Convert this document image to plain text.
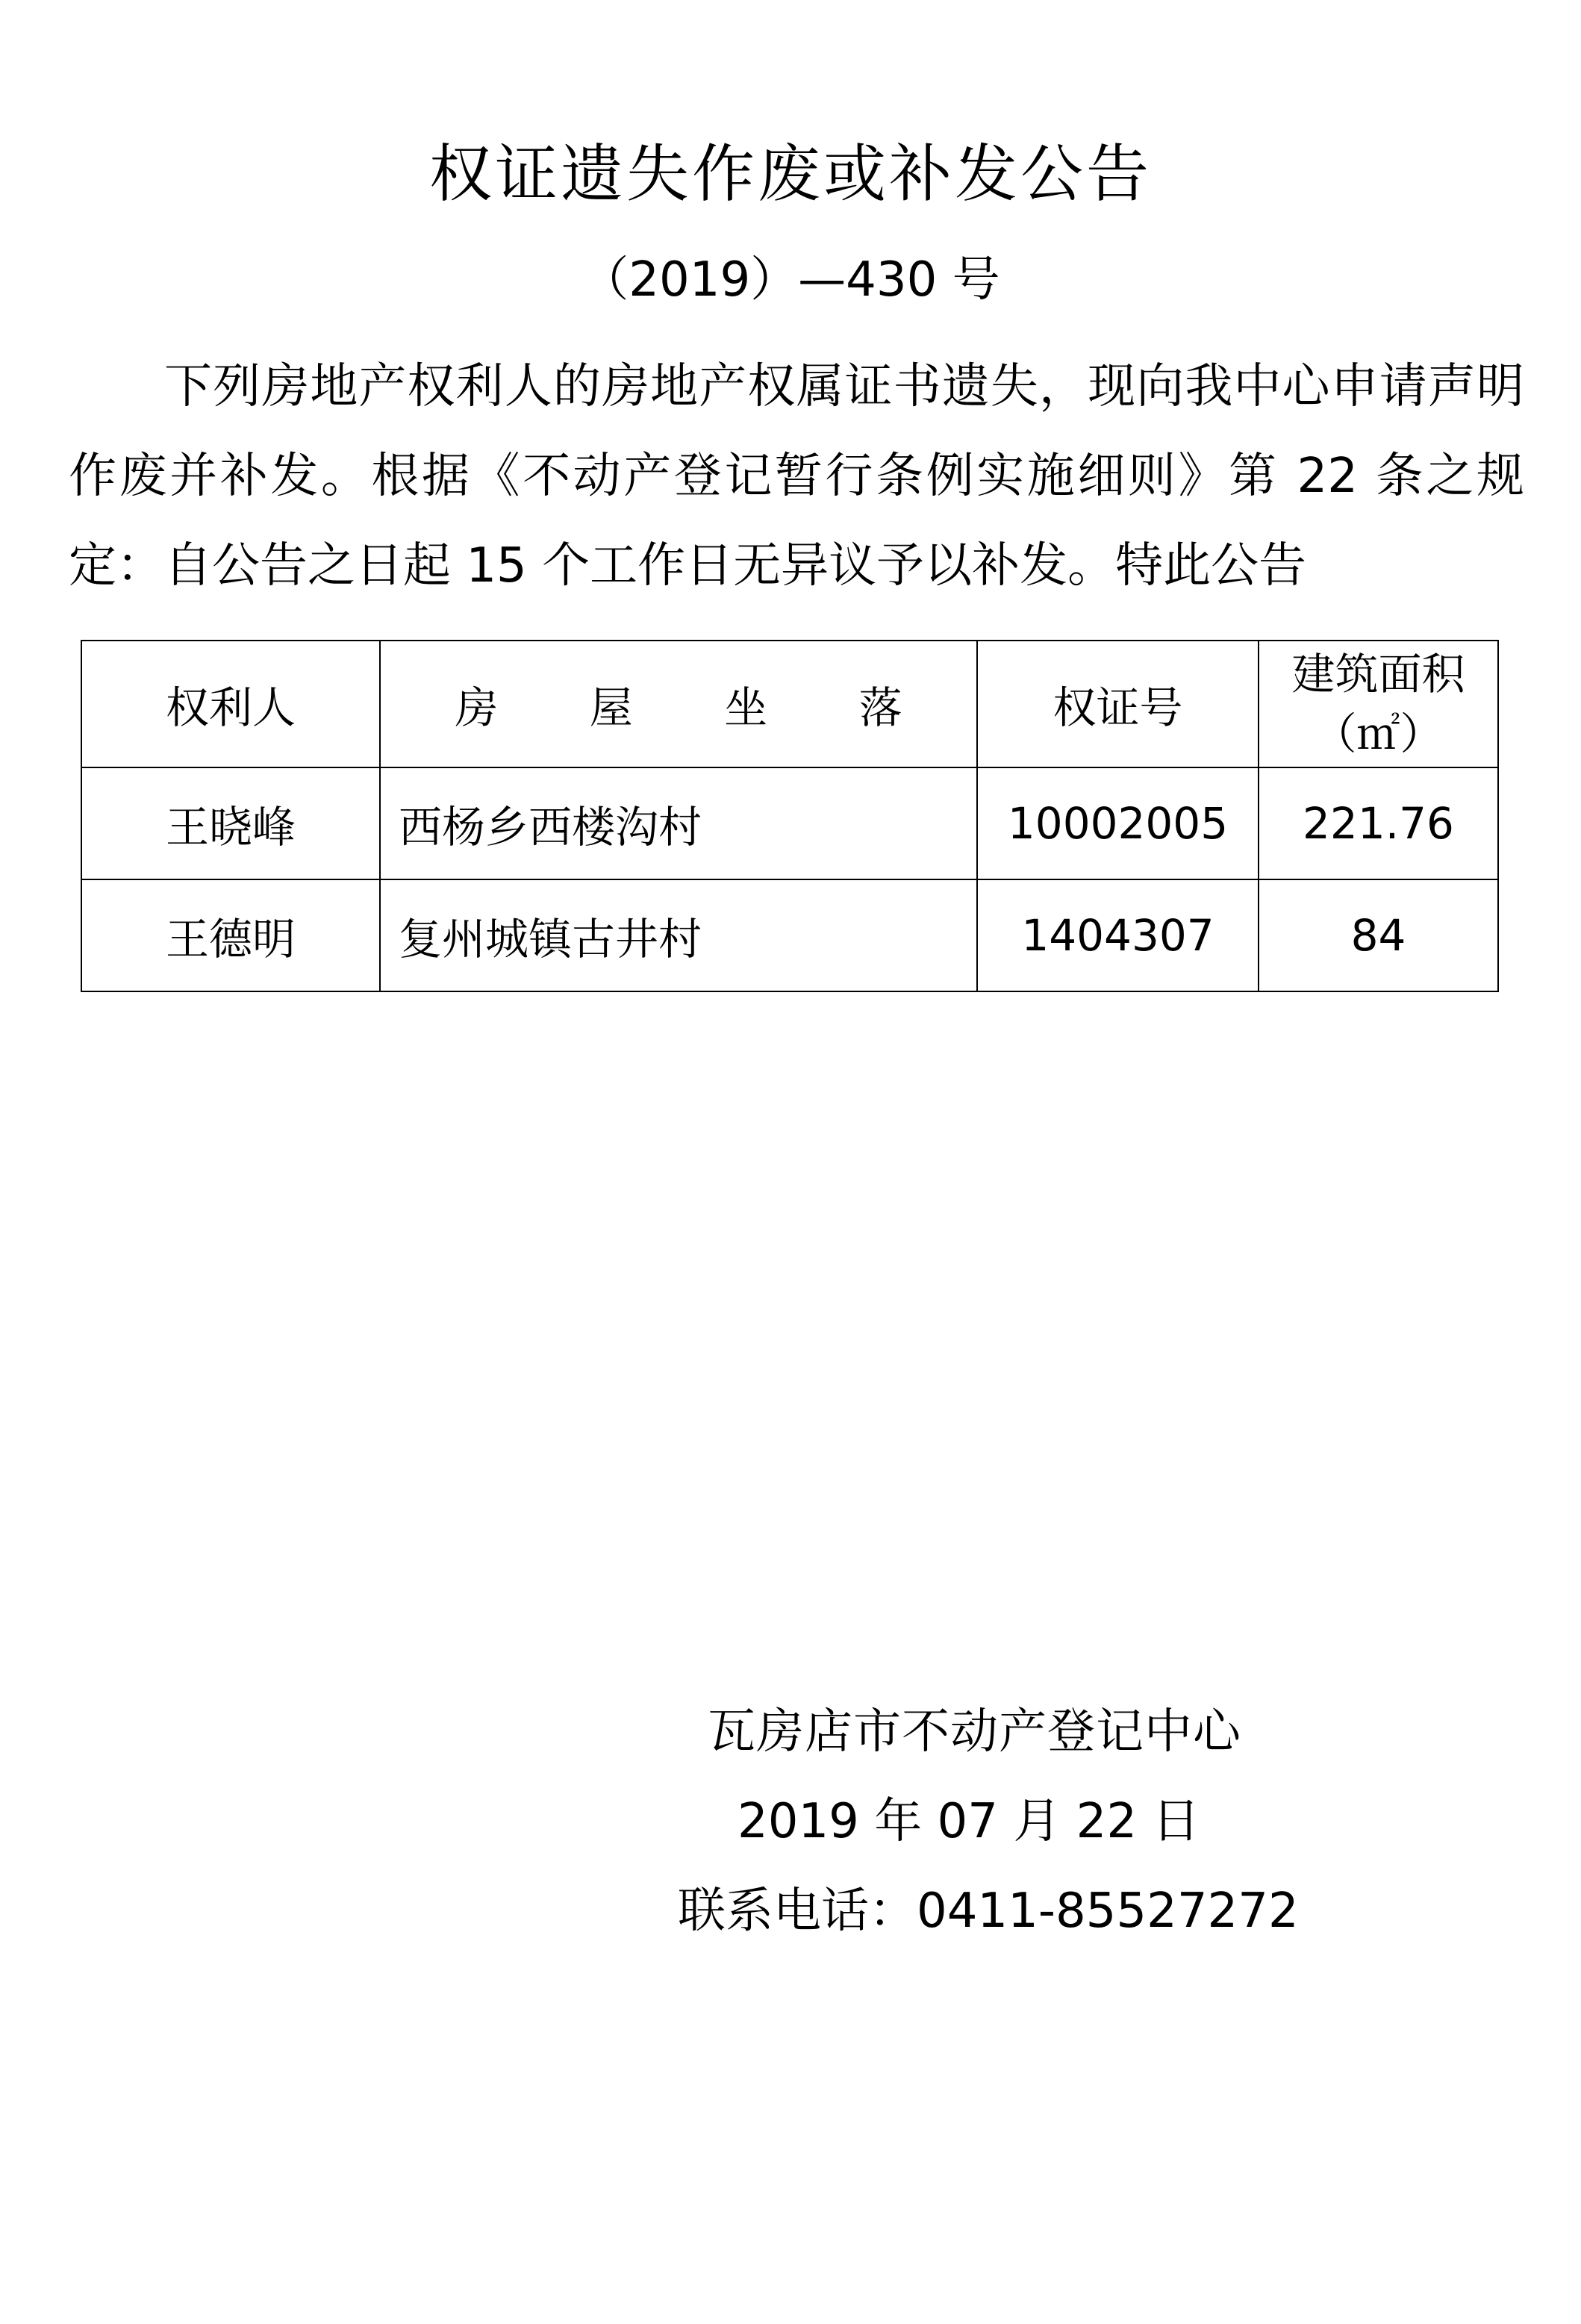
权证遗失作废或补发公告
（2019）—430 号
下列房地产权利人的房地产权属证书遗失，现向我中心申请声明作废并补发。根据《不动产登记暂行条例实施细则》第 22 条之规定：自公告之日起 15 个工作日无异议予以补发。特此公告
权利人	房 屋 坐 落	权证号	建筑面积
（㎡）

王晓峰	西杨乡西楼沟村	10002005	221.76
王德明	复州城镇古井村	1404307	84
瓦房店市不动产登记中心
2019 年 07 月 22 日
联系电话：0411-85527272
